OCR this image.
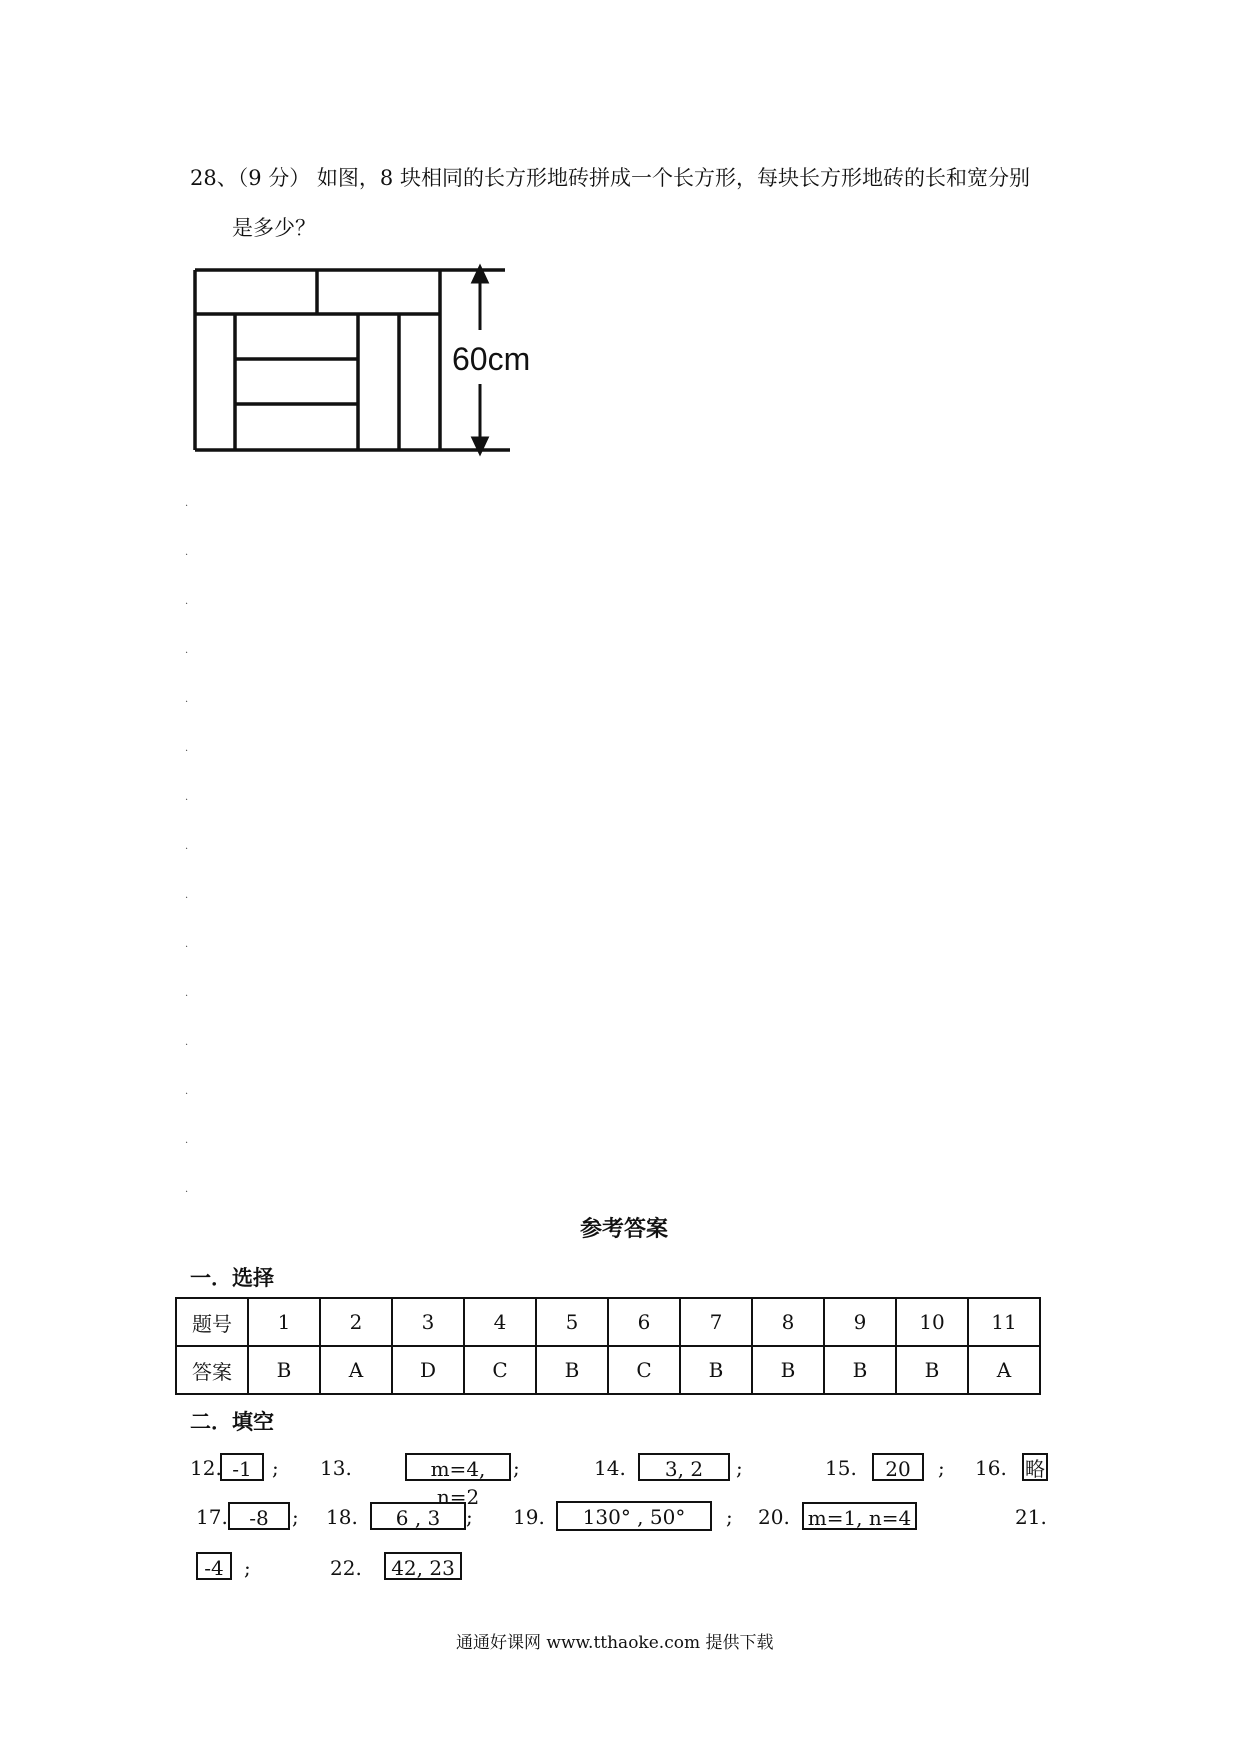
28、（9 分） 如图，8 块相同的长方形地砖拼成一个长方形，每块长方形地砖的长和宽分别
是多少？
60cm
·
·
·
·
·
·
·
·
·
·
·
·
·
·
·
参考答案
一．选择
题号	1	2	3	4	5	6	7	8	9	10	11
答案	B	A	D	C	B	C	B	B	B	B	A
二．填空
12. -1	; 13.	m=4, n=2
;	14.	3, 2	;	15.	20	; 16. 略
17.	-8	; 18.	6 , 3	; 19.	130° , 50°	; 20. m=1, n=4	21.
-4	;	22.	42, 23
通通好课网 www.tthaoke.com 提供下载
